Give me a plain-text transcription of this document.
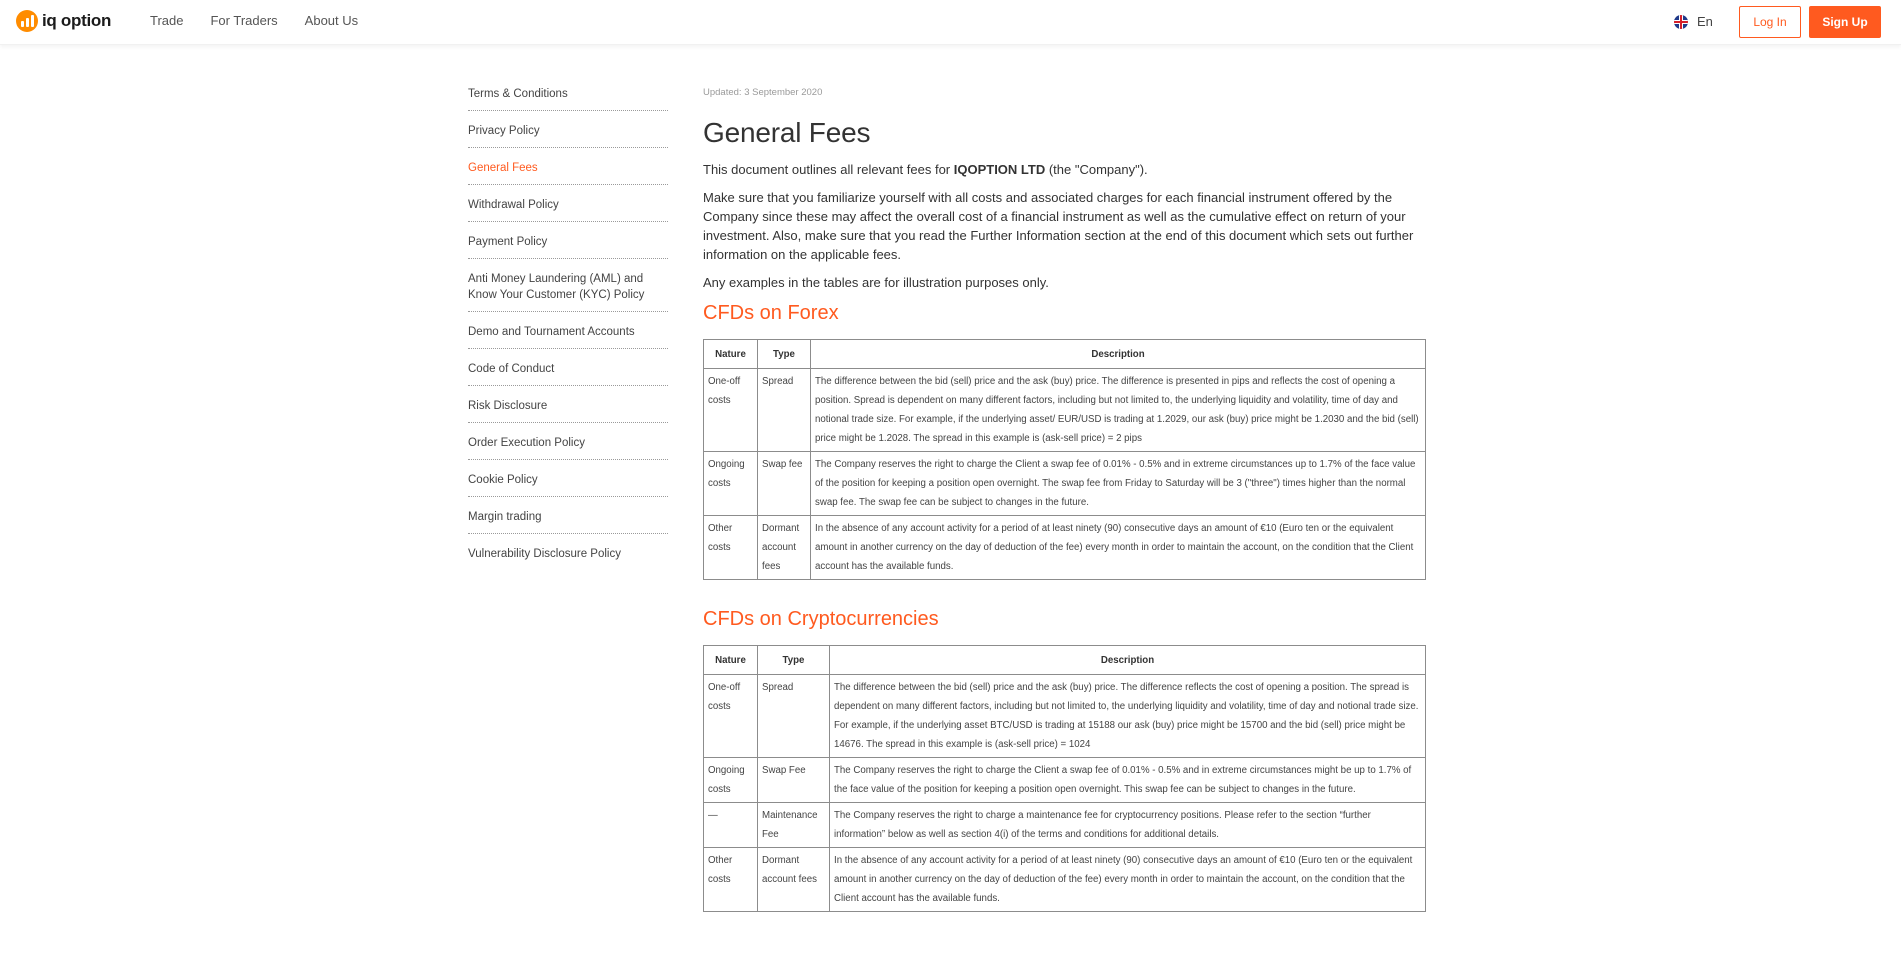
iq option	Trade For Traders About Us	En	Log In	Sign Up
Terms & Conditions
Privacy Policy
General Fees
Withdrawal Policy
Payment Policy
Anti Money Laundering (AML) and Know Your Customer (KYC) Policy
Demo and Tournament Accounts
Code of Conduct
Risk Disclosure
Order Execution Policy
Cookie Policy
Margin trading
Vulnerability Disclosure Policy
Updated: 3 September 2020
General Fees

This document outlines all relevant fees for IQOPTION LTD (the "Company").

Make sure that you familiarize yourself with all costs and associated charges for each financial instrument offered by the Company since these may affect the overall cost of a financial instrument as well as the cumulative effect on return of your investment. Also, make sure that you read the Further Information section at the end of this document which sets out further information on the applicable fees.

Any examples in the tables are for illustration purposes only.

CFDs on Forex
Nature	Type	Description
One-off costs	Spread	The difference between the bid (sell) price and the ask (buy) price. The difference is presented in pips and reflects the cost of opening a position. Spread is dependent on many different factors, including but not limited to, the underlying liquidity and volatility, time of day and notional trade size. For example, if the underlying asset/ EUR/USD is trading at 1.2029, our ask (buy) price might be 1.2030 and the bid (sell) price might be 1.2028. The spread in this example is (ask-sell price) = 2 pips
Ongoing costs	Swap fee	The Company reserves the right to charge the Client a swap fee of 0.01% - 0.5% and in extreme circumstances up to 1.7% of the face value of the position for keeping a position open overnight. The swap fee from Friday to Saturday will be 3 ("three") times higher than the normal swap fee. The swap fee can be subject to changes in the future.
Other costs	Dormant account fees	In the absence of any account activity for a period of at least ninety (90) consecutive days an amount of €10 (Euro ten or the equivalent amount in another currency on the day of deduction of the fee) every month in order to maintain the account, on the condition that the Client account has the available funds.
CFDs on Cryptocurrencies
Nature	Type	Description
One-off costs	Spread	The difference between the bid (sell) price and the ask (buy) price. The difference reflects the cost of opening a position. The spread is dependent on many different factors, including but not limited to, the underlying liquidity and volatility, time of day and notional trade size. For example, if the underlying asset BTC/USD is trading at 15188 our ask (buy) price might be 15700 and the bid (sell) price might be 14676. The spread in this example is (ask-sell price) = 1024
Ongoing costs	Swap Fee	The Company reserves the right to charge the Client a swap fee of 0.01% - 0.5% and in extreme circumstances might be up to 1.7% of the face value of the position for keeping a position open overnight. This swap fee can be subject to changes in the future.
—	Maintenance Fee	The Company reserves the right to charge a maintenance fee for cryptocurrency positions. Please refer to the section “further information” below as well as section 4(i) of the terms and conditions for additional details.
Other costs	Dormant account fees	In the absence of any account activity for a period of at least ninety (90) consecutive days an amount of €10 (Euro ten or the equivalent amount in another currency on the day of deduction of the fee) every month in order to maintain the account, on the condition that the Client account has the available funds.
